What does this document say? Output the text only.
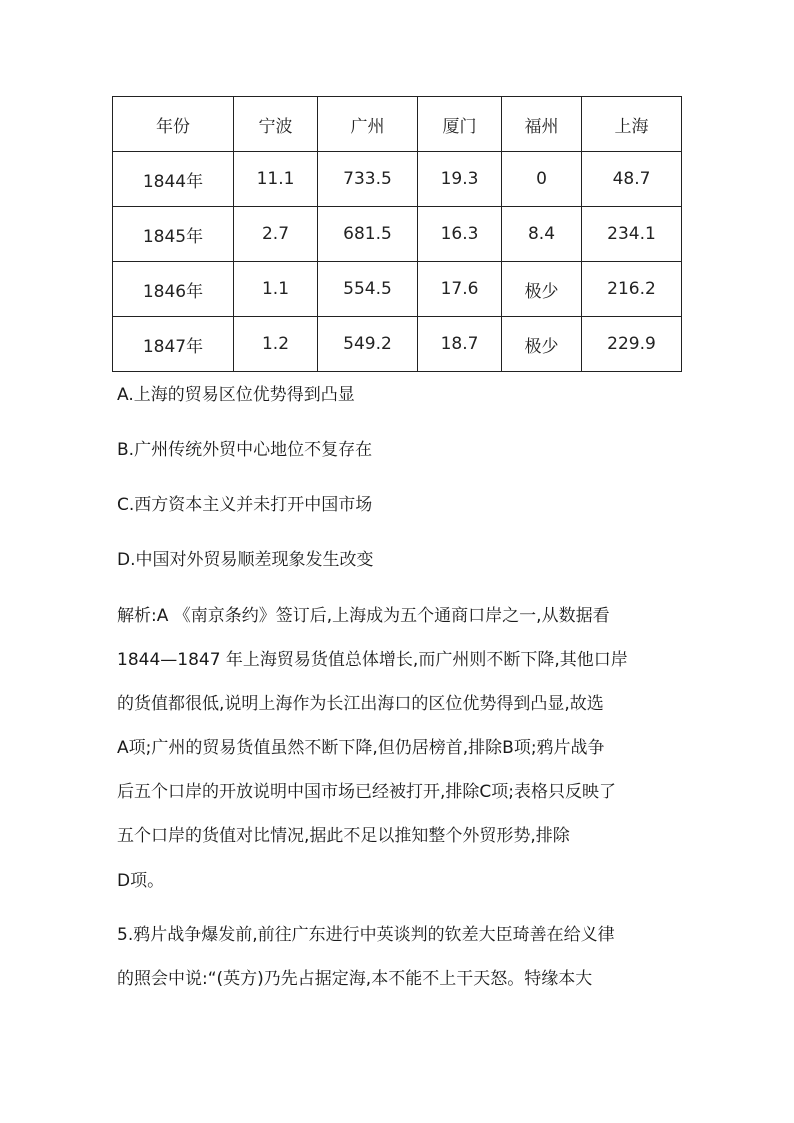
年份	宁波	广州	厦门	福州	上海
1844年	11.1	733.5	19.3	0	48.7
1845年	2.7	681.5	16.3	8.4	234.1
1846年	1.1	554.5	17.6	极少	216.2
1847年	1.2	549.2	18.7	极少	229.9

A.上海的贸易区位优势得到凸显

B.广州传统外贸中心地位不复存在

C.西方资本主义并未打开中国市场

D.中国对外贸易顺差现象发生改变

解析:A 《南京条约》签订后,上海成为五个通商口岸之一,从数据看

1844—1847 年上海贸易货值总体增长,而广州则不断下降,其他口岸

的货值都很低,说明上海作为长江出海口的区位优势得到凸显,故选

A项;广州的贸易货值虽然不断下降,但仍居榜首,排除B项;鸦片战争

后五个口岸的开放说明中国市场已经被打开,排除C项;表格只反映了

五个口岸的货值对比情况,据此不足以推知整个外贸形势,排除

D项。

5.鸦片战争爆发前,前往广东进行中英谈判的钦差大臣琦善在给义律

的照会中说:“(英方)乃先占据定海,本不能不上干天怒。特缘本大
